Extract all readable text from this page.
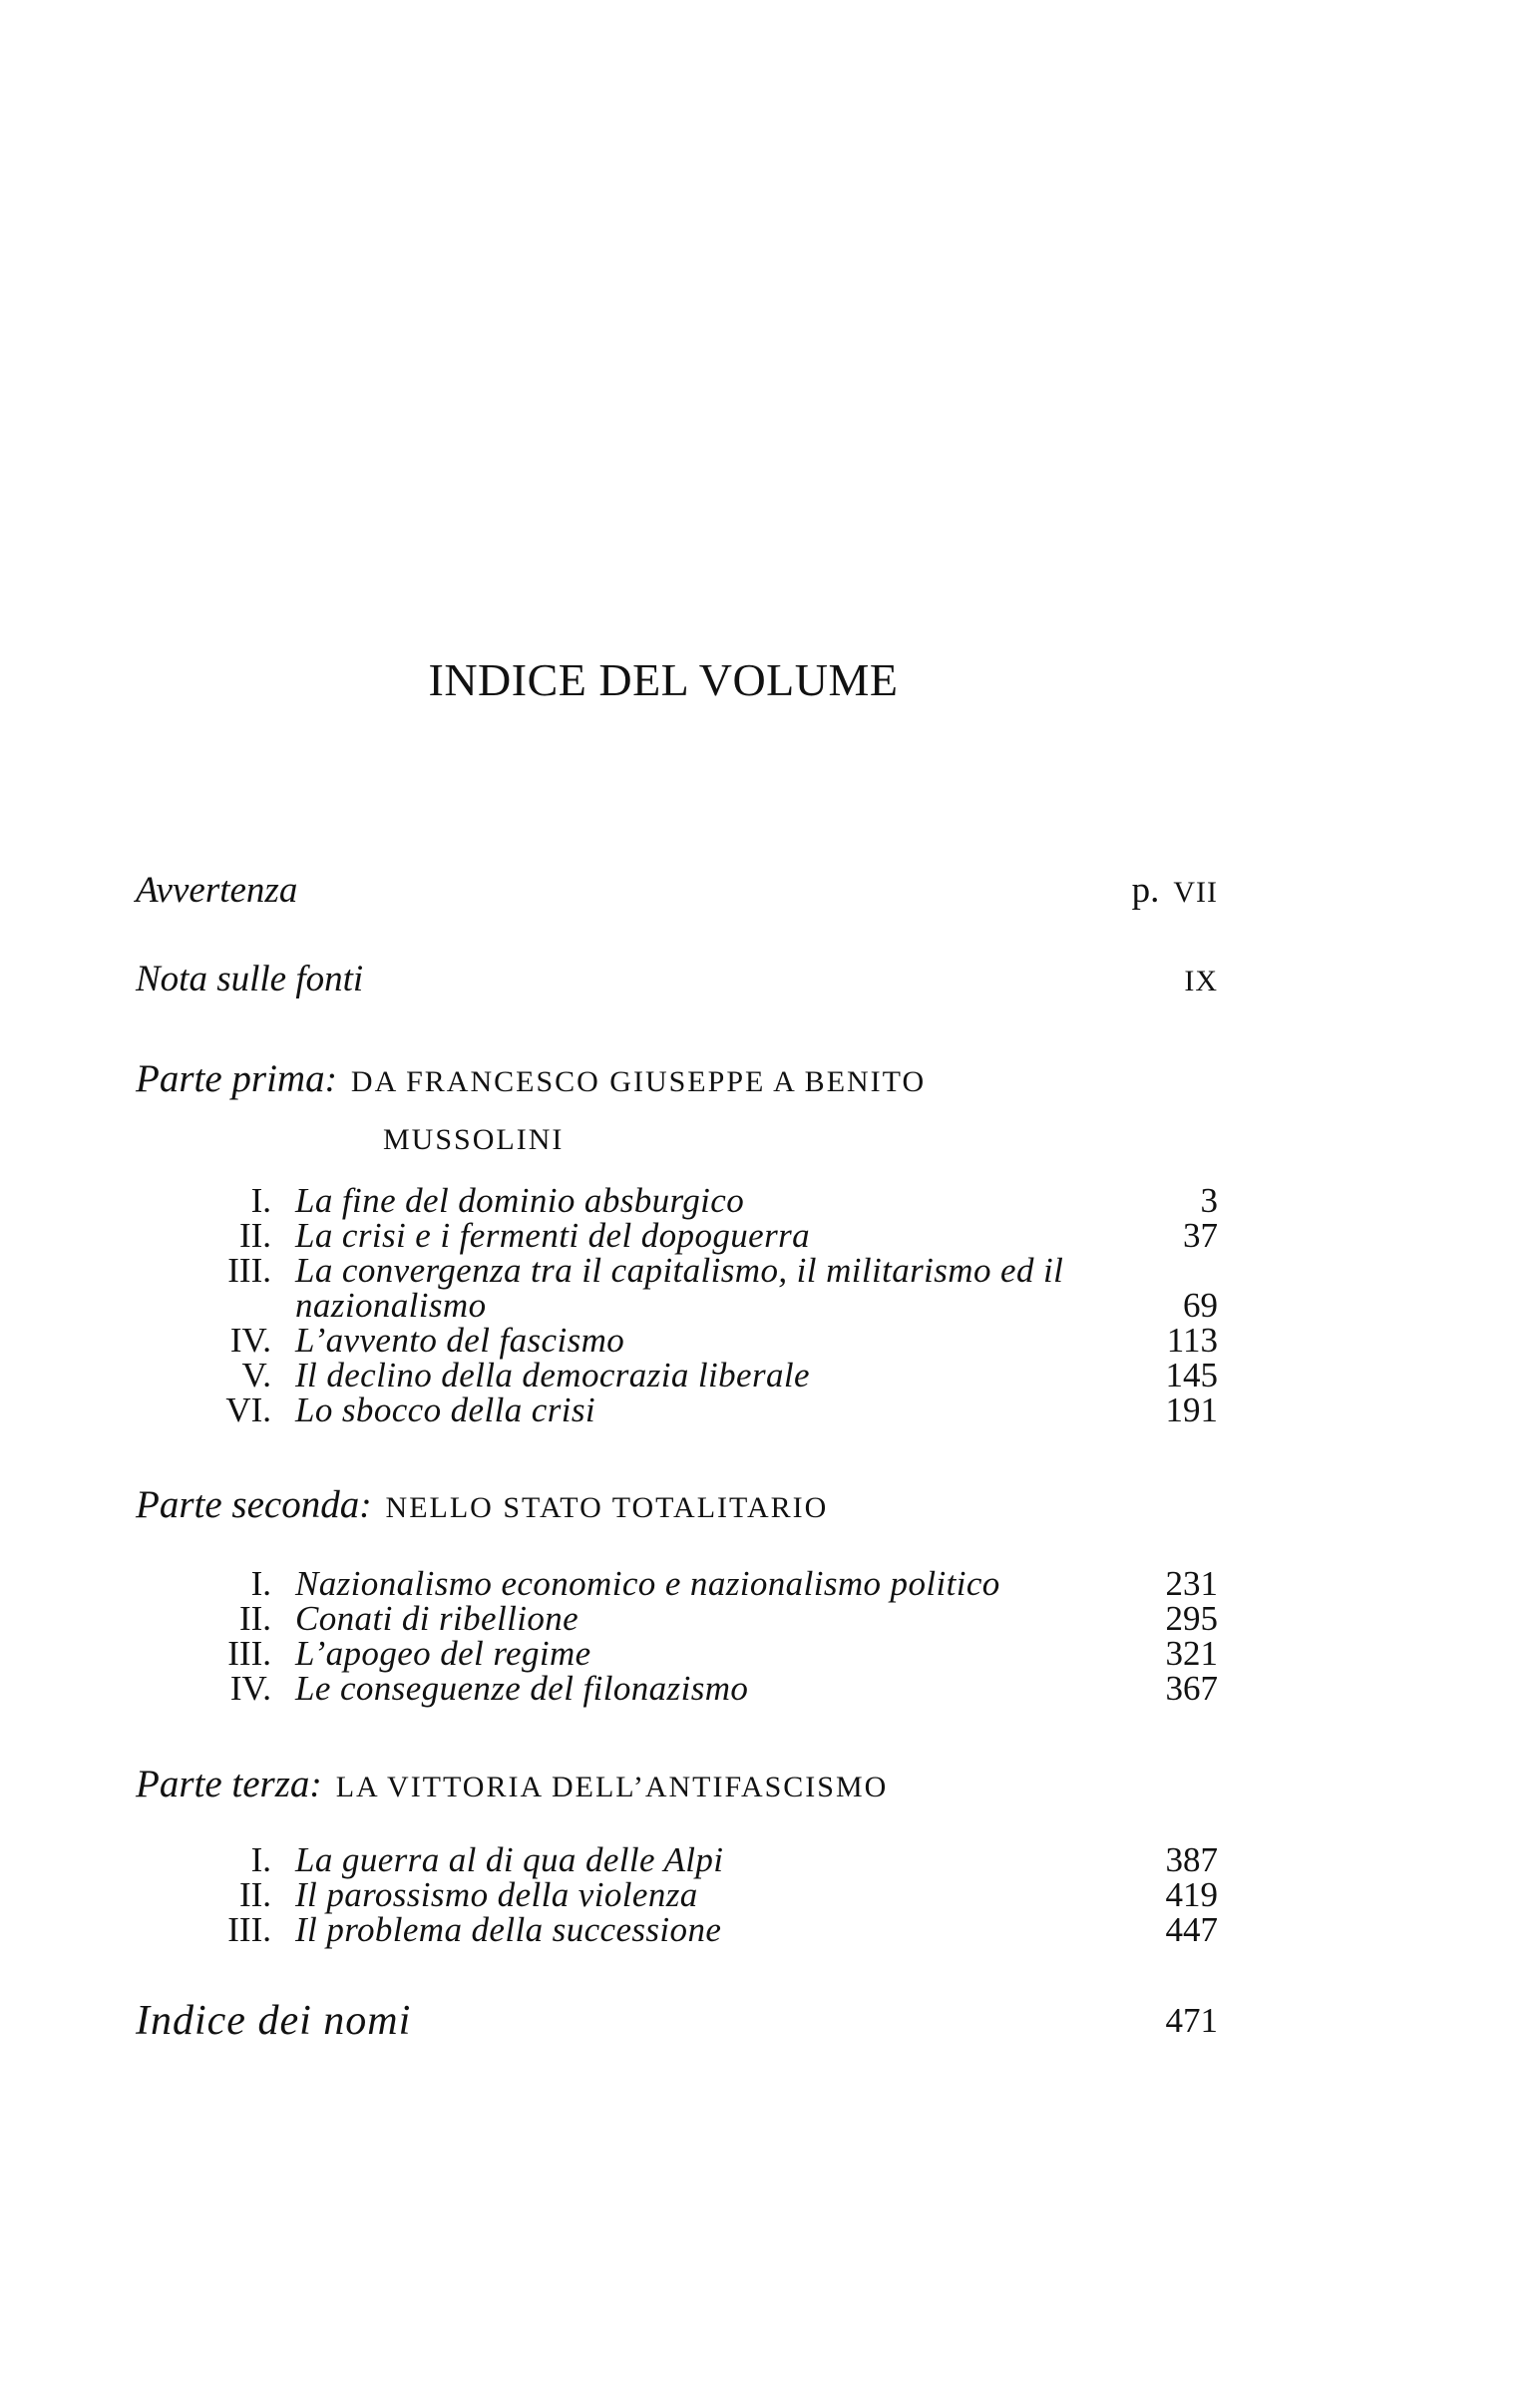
INDICE DEL VOLUME
Avvertenza	p. VII
Nota sulle fonti	IX
Parte prima: DA FRANCESCO GIUSEPPE A BENITO
MUSSOLINI
I. La fine del dominio absburgico	3
II. La crisi e i fermenti del dopoguerra	37
III. La convergenza tra il capitalismo, il militarismo ed il nazionalismo	69
IV. L’avvento del fascismo	113
V. Il declino della democrazia liberale	145
VI. Lo sbocco della crisi	191
Parte seconda: NELLO STATO TOTALITARIO
I. Nazionalismo economico e nazionalismo politico	231
II. Conati di ribellione	295
III. L’apogeo del regime	321
IV. Le conseguenze del filonazismo	367
Parte terza: LA VITTORIA DELL’ANTIFASCISMO
I. La guerra al di qua delle Alpi	387
II. Il parossismo della violenza	419
III. Il problema della successione	447
Indice dei nomi	471
